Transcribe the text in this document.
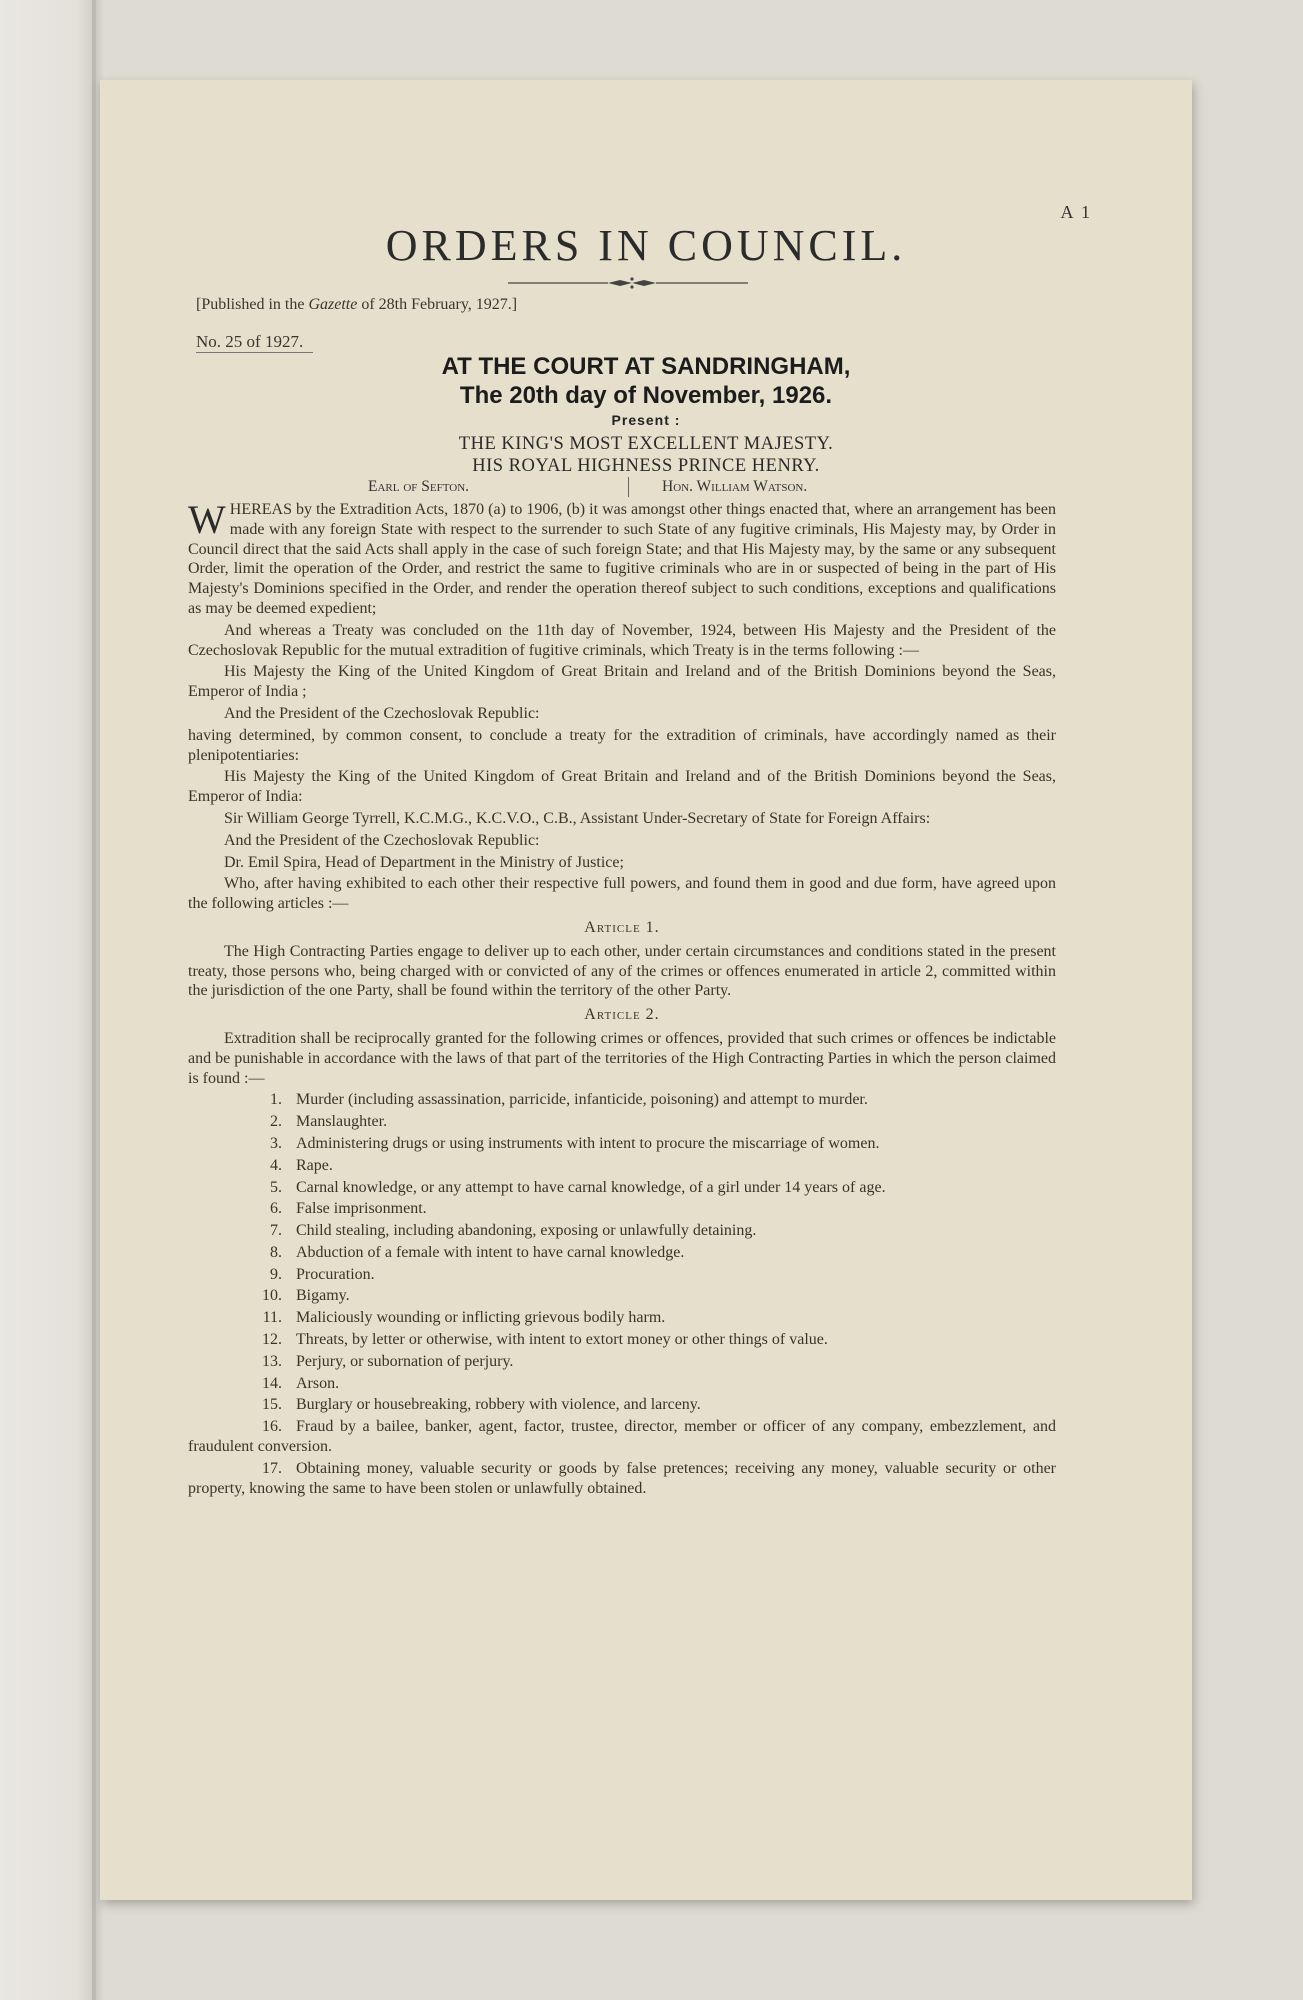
A 1
ORDERS IN COUNCIL.
[Published in the Gazette of 28th February, 1927.]
No. 25 of 1927.
AT THE COURT AT SANDRINGHAM,
The 20th day of November, 1926.
Present :
THE KING'S MOST EXCELLENT MAJESTY.
HIS ROYAL HIGHNESS PRINCE HENRY.
Earl of Sefton.	Hon. William Watson.

WHEREAS by the Extradition Acts, 1870 (a) to 1906, (b) it was amongst other things enacted that, where an arrangement has been made with any foreign State with respect to the surrender to such State of any fugitive criminals, His Majesty may, by Order in Council direct that the said Acts shall apply in the case of such foreign State; and that His Majesty may, by the same or any subsequent Order, limit the operation of the Order, and restrict the same to fugitive criminals who are in or suspected of being in the part of His Majesty's Dominions specified in the Order, and render the operation thereof subject to such conditions, exceptions and qualifications as may be deemed expedient;

And whereas a Treaty was concluded on the 11th day of November, 1924, between His Majesty and the President of the Czechoslovak Republic for the mutual extradition of fugitive criminals, which Treaty is in the terms following :—

His Majesty the King of the United Kingdom of Great Britain and Ireland and of the British Dominions beyond the Seas, Emperor of India ;

And the President of the Czechoslovak Republic:

having determined, by common consent, to conclude a treaty for the extradition of criminals, have accordingly named as their plenipotentiaries:

His Majesty the King of the United Kingdom of Great Britain and Ireland and of the British Dominions beyond the Seas, Emperor of India:

Sir William George Tyrrell, K.C.M.G., K.C.V.O., C.B., Assistant Under-Secretary of State for Foreign Affairs:

And the President of the Czechoslovak Republic:

Dr. Emil Spira, Head of Department in the Ministry of Justice;

Who, after having exhibited to each other their respective full powers, and found them in good and due form, have agreed upon the following articles :—

Article 1.

The High Contracting Parties engage to deliver up to each other, under certain circumstances and conditions stated in the present treaty, those persons who, being charged with or convicted of any of the crimes or offences enumerated in article 2, committed within the jurisdiction of the one Party, shall be found within the territory of the other Party.

Article 2.

Extradition shall be reciprocally granted for the following crimes or offences, provided that such crimes or offences be indictable and be punishable in accordance with the laws of that part of the territories of the High Contracting Parties in which the person claimed is found :—

1. Murder (including assassination, parricide, infanticide, poisoning) and attempt to murder.

2. Manslaughter.

3. Administering drugs or using instruments with intent to procure the miscarriage of women.

4. Rape.

5. Carnal knowledge, or any attempt to have carnal knowledge, of a girl under 14 years of age.

6. False imprisonment.

7. Child stealing, including abandoning, exposing or unlawfully detaining.

8. Abduction of a female with intent to have carnal knowledge.

9. Procuration.

10. Bigamy.

11. Maliciously wounding or inflicting grievous bodily harm.

12. Threats, by letter or otherwise, with intent to extort money or other things of value.

13. Perjury, or subornation of perjury.

14. Arson.

15. Burglary or housebreaking, robbery with violence, and larceny.

16. Fraud by a bailee, banker, agent, factor, trustee, director, member or officer of any company, embezzlement, and fraudulent conversion.

17. Obtaining money, valuable security or goods by false pretences; receiving any money, valuable security or other property, knowing the same to have been stolen or unlawfully obtained.
